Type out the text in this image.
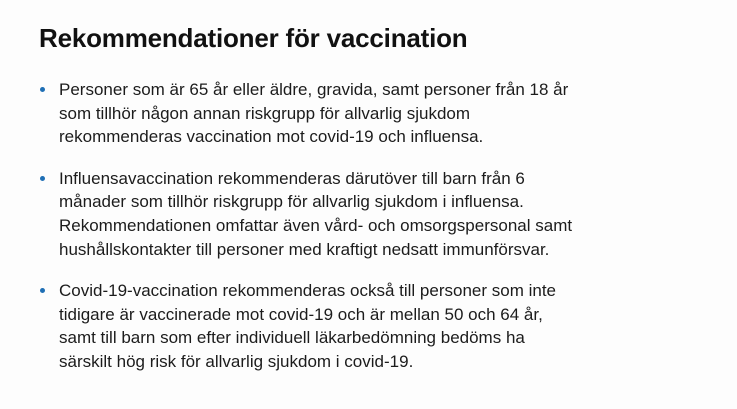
Rekommendationer för vaccination
Personer som är 65 år eller äldre, gravida, samt personer från 18 år
som tillhör någon annan riskgrupp för allvarlig sjukdom
rekommenderas vaccination mot covid-19 och influensa.
Influensavaccination rekommenderas därutöver till barn från 6
månader som tillhör riskgrupp för allvarlig sjukdom i influensa.
Rekommendationen omfattar även vård- och omsorgspersonal samt
hushållskontakter till personer med kraftigt nedsatt immunförsvar.
Covid-19-vaccination rekommenderas också till personer som inte
tidigare är vaccinerade mot covid-19 och är mellan 50 och 64 år,
samt till barn som efter individuell läkarbedömning bedöms ha
särskilt hög risk för allvarlig sjukdom i covid-19.
